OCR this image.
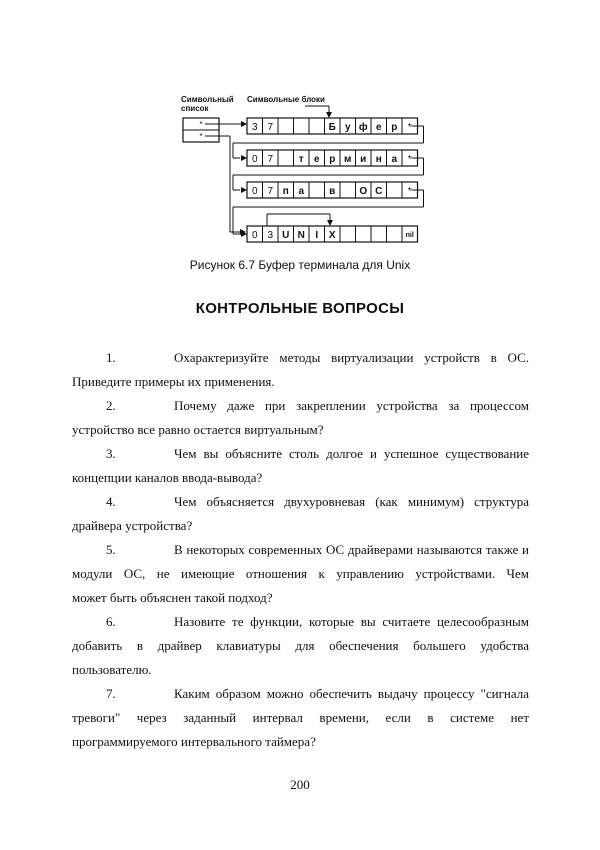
Символьный список
Символьные блоки
*
*
3 7	Б у ф е р *
0 7	т е р м и н а *
0 7 п а	в О С	*
0 3 U N I X	nil
Рисунок 6.7 Буфер терминала для Unix
КОНТРОЛЬНЫЕ ВОПРОСЫ
1.	Охарактеризуйте методы виртуализации устройств в ОС.
Приведите примеры их применения.
2.	Почему даже при закреплении устройства за процессом
устройство все равно остается виртуальным?
3.	Чем вы объясните столь долгое и успешное существование
концепции каналов ввода-вывода?
4.	Чем объясняется двухуровневая (как минимум) структура
драйвера устройства?
5.	В некоторых современных ОС драйверами называются также и
модули ОС, не имеющие отношения к управлению устройствами. Чем
может быть объяснен такой подход?
6.	Назовите те функции, которые вы считаете целесообразным
добавить в драйвер клавиатуры для обеспечения большего удобства
пользователю.
7.	Каким образом можно обеспечить выдачу процессу "сигнала
тревоги" через заданный интервал времени, если в системе нет
программируемого интервального таймера?
200
